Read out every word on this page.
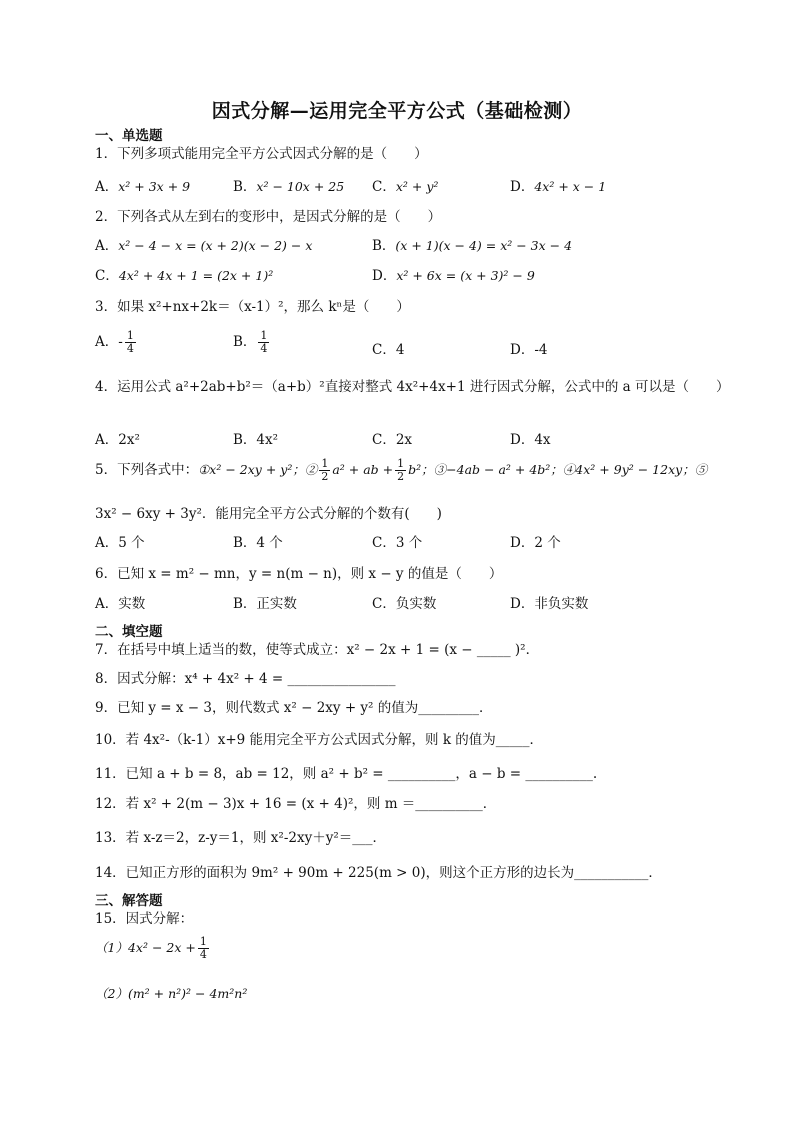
因式分解—运用完全平方公式（基础检测）
一、单选题
1．下列多项式能用完全平方公式因式分解的是（　　）
A．x² + 3x + 9	B．x² − 10x + 25 C．x² + y²	D．4x² + x − 1
2．下列各式从左到右的变形中，是因式分解的是（　　）
A．x² − 4 − x = (x + 2)(x − 2) − x	B．(x + 1)(x − 4) = x² − 3x − 4
C．4x² + 4x + 1 = (2x + 1)²	D．x² + 6x = (x + 3)² − 9
3．如果 x²+nx+2k＝（x-1）²，那么 kⁿ是（　　）
A．- $\frac{1}{4}$	B． $\frac{1}{4}$	C．4	D．-4
4．运用公式 a²+2ab+b²＝（a+b）²直接对整式 4x²+4x+1 进行因式分解，公式中的 a 可以是（　　）
A．2x²	B．4x²	C．2x	D．4x
5．下列各式中：①x² − 2xy + y²；② $\frac{1}{2} a^2$ + ab + $\frac{1}{2} b^2$；③−4ab − a² + 4b²；④4x² + 9y² − 12xy；⑤
3x² − 6xy + 3y²．能用完全平方公式分解的个数有(　　)
A．5 个	B．4 个	C．3 个	D．2 个
6．已知 x = m² − mn，y = n(m − n)，则 x − y 的值是（　　）
A．实数	B．正实数	C．负实数	D．非负实数
二、填空题
7．在括号中填上适当的数，使等式成立：x² − 2x + 1 = (x − _____ )²．
8．因式分解：x⁴ + 4x² + 4 = ________________
9．已知 y = x − 3，则代数式 x² − 2xy + y² 的值为_________．
10．若 4x²-（k-1）x+9 能用完全平方公式因式分解，则 k 的值为_____．
11．已知 a + b = 8，ab = 12，则 a² + b² = __________，a − b = __________.
12．若 x² + 2(m − 3)x + 16 = (x + 4)²，则 m ＝__________．
13．若 x-z＝2，z-y＝1，则 x²-2xy＋y²＝___．
14．已知正方形的面积为 9m² + 90m + 225(m > 0)，则这个正方形的边长为___________．
三、解答题
15．因式分解：
$(1)4x^2 - 2x + \frac{1}{4}$
（2）(m² + n²)² − 4m²n²
